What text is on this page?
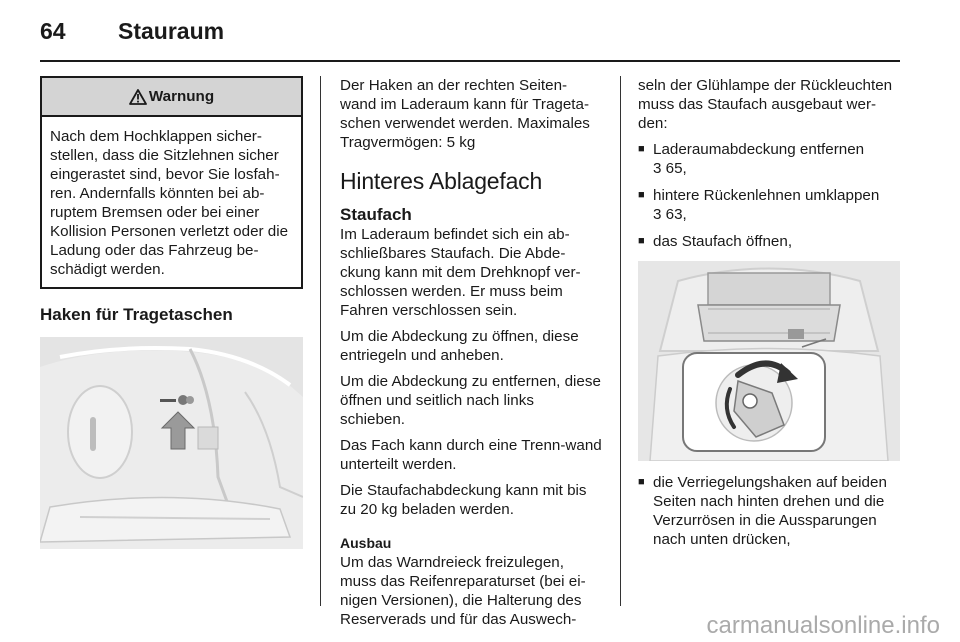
64 Stauraum
Warnung
Nach dem Hochklappen sicher-stellen, dass die Sitzlehnen sicher eingerastet sind, bevor Sie losfah-ren. Andernfalls könnten bei ab-ruptem Bremsen oder bei einer Kollision Personen verletzt oder die Ladung oder das Fahrzeug be-schädigt werden.
Haken für Tragetaschen

Der Haken an der rechten Seiten-wand im Laderaum kann für Trageta-schen verwendet werden. Maximales Tragvermögen: 5 kg

Hinteres Ablagefach
Staufach

Im Laderaum befindet sich ein ab-schließbares Staufach. Die Abde-ckung kann mit dem Drehknopf ver-schlossen werden. Er muss beim Fahren verschlossen sein.

Um die Abdeckung zu öffnen, diese entriegeln und anheben.

Um die Abdeckung zu entfernen, diese öffnen und seitlich nach links schieben.

Das Fach kann durch eine Trenn-wand unterteilt werden.

Die Staufachabdeckung kann mit bis zu 20 kg beladen werden.

Ausbau

Um das Warndreieck freizulegen, muss das Reifenreparaturset (bei ei-nigen Versionen), die Halterung des Reserverads und für das Auswech-

seln der Glühlampe der Rückleuchten muss das Staufach ausgebaut wer-den:

■ Laderaumabdeckung entfernen
3 65,
■ hintere Rückenlehnen umklappen
3 63,
■ das Staufach öffnen,
■ die Verriegelungshaken auf beiden Seiten nach hinten drehen und die Verzurrösen in die Aussparungen nach unten drücken,
carmanualsonline.info
